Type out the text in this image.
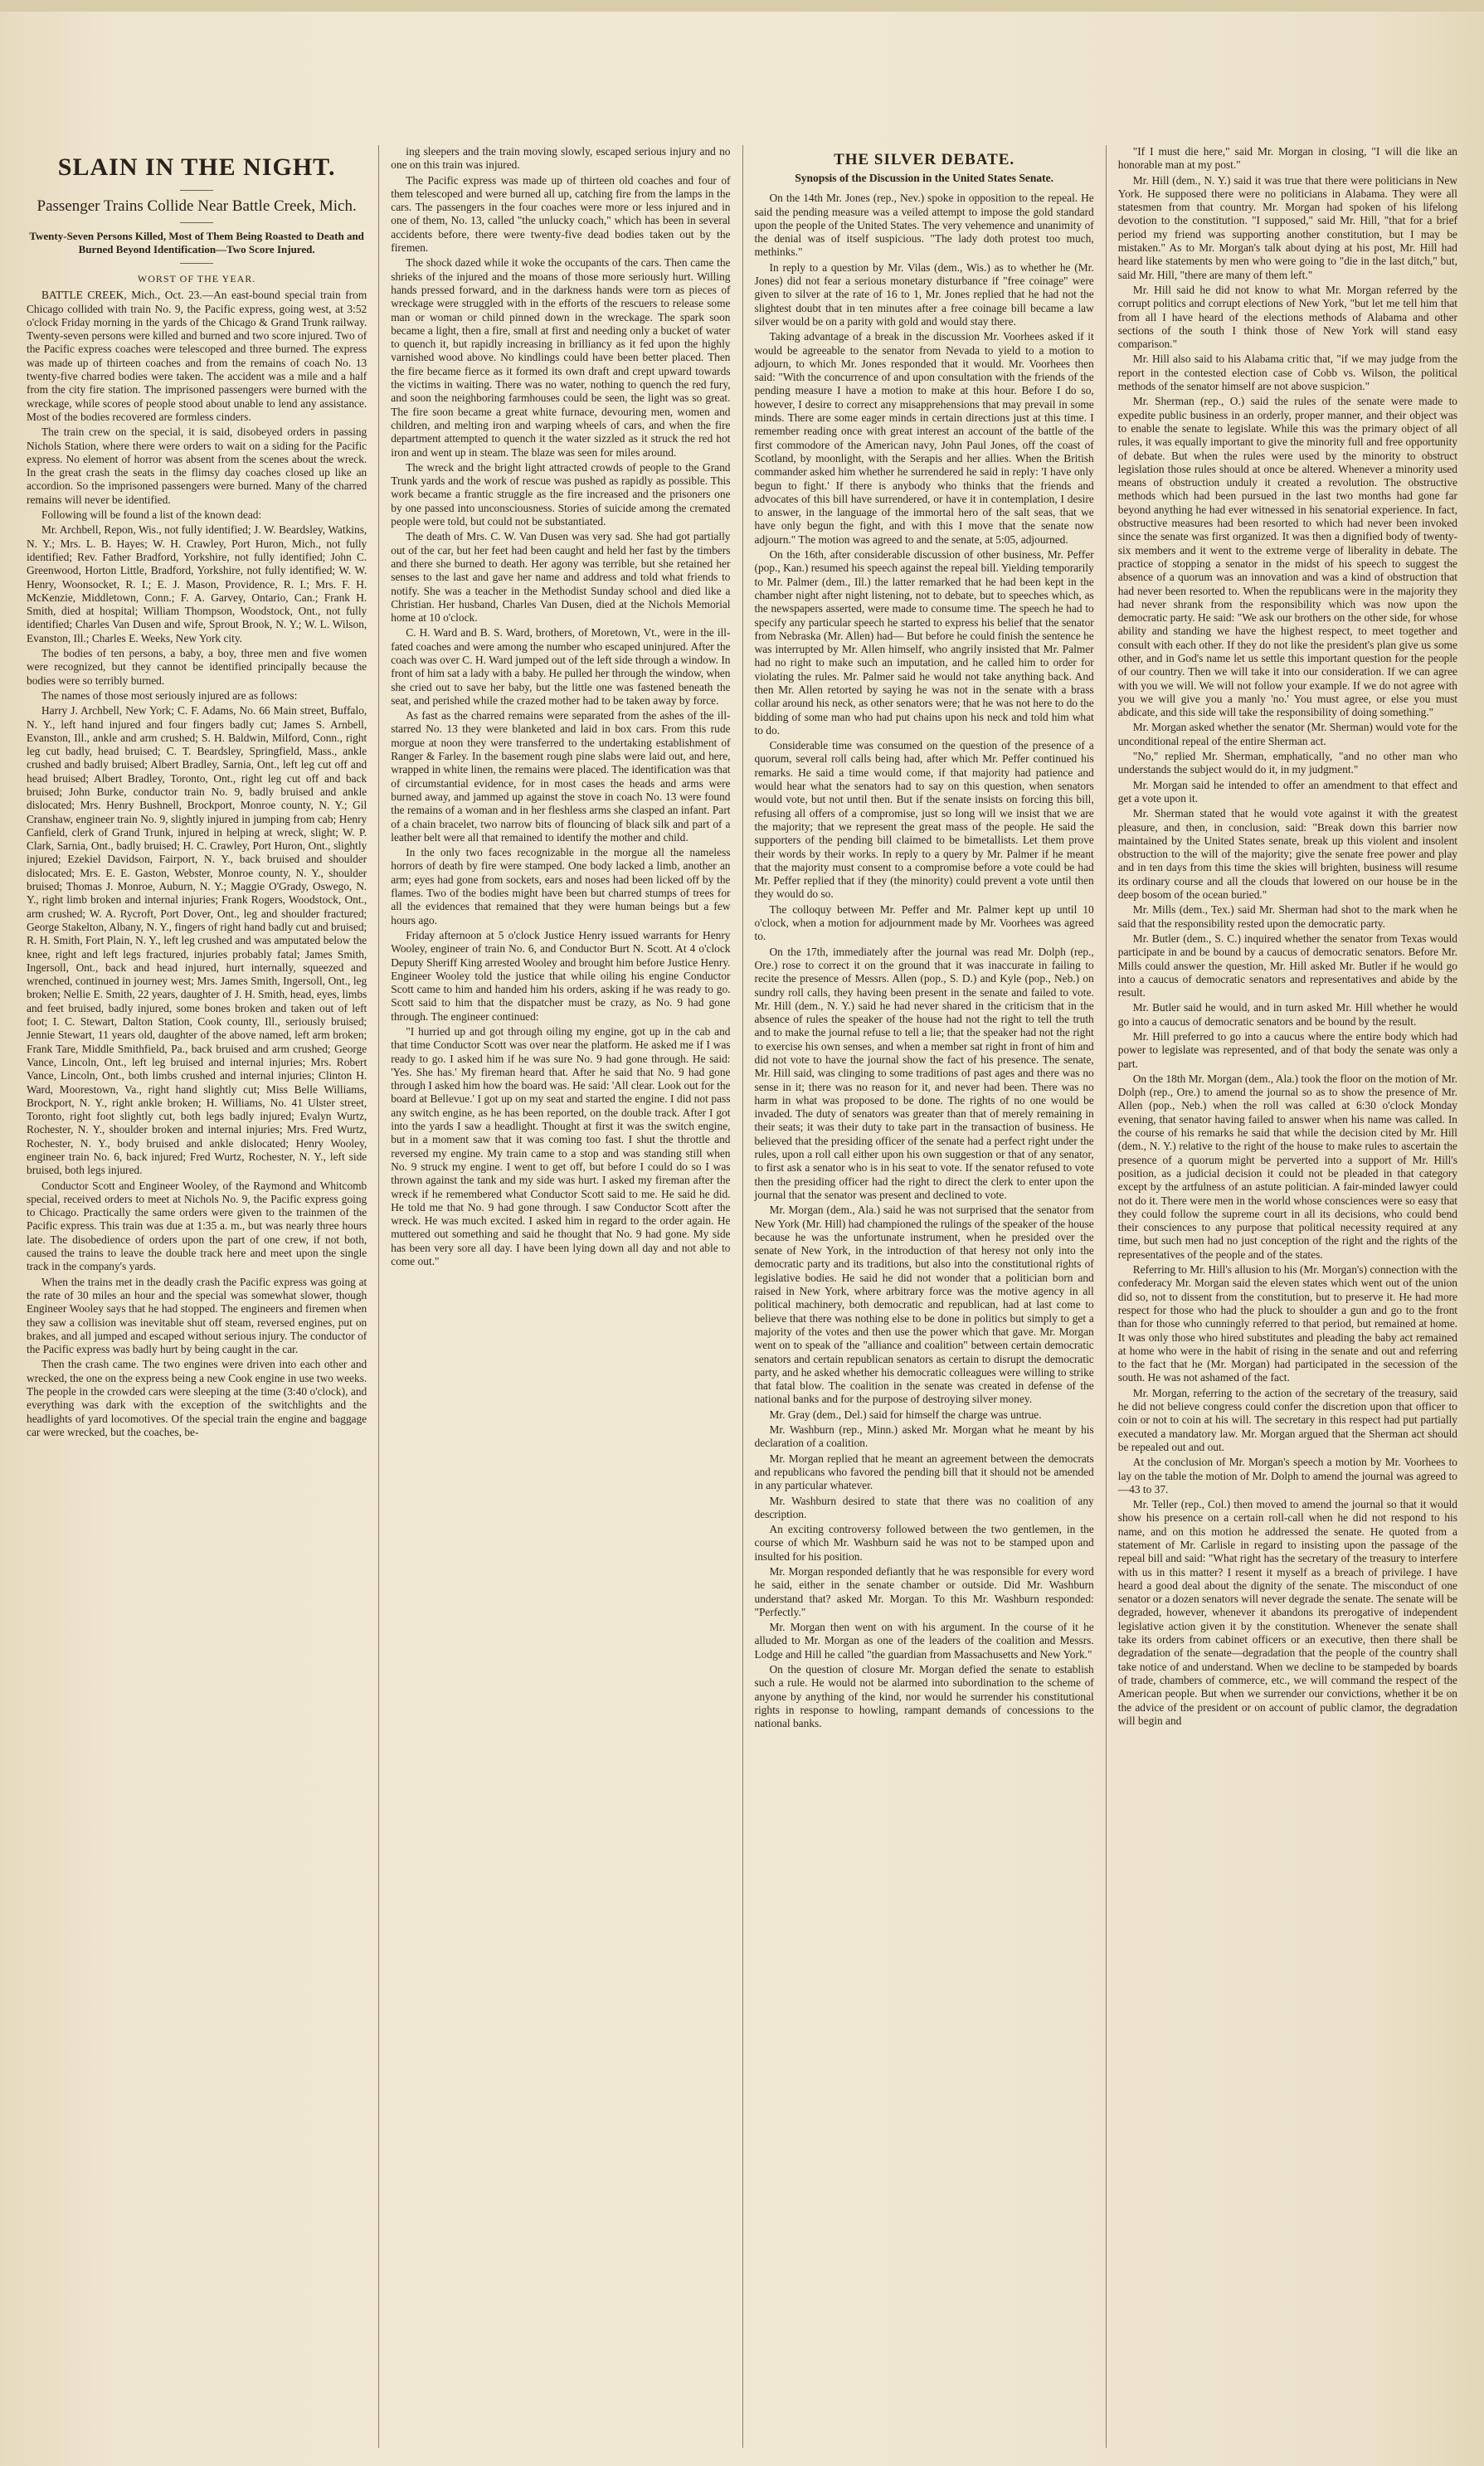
SLAIN IN THE NIGHT.
Passenger Trains Collide Near Battle Creek, Mich.
Twenty-Seven Persons Killed, Most of Them Being Roasted to Death and Burned Beyond Identification—Two Score Injured.
WORST OF THE YEAR.

BATTLE CREEK, Mich., Oct. 23.—An east-bound special train from Chicago collided with train No. 9, the Pacific express, going west, at 3:52 o'clock Friday morning in the yards of the Chicago & Grand Trunk railway. Twenty-seven persons were killed and burned and two score injured. Two of the Pacific express coaches were telescoped and three burned. The express was made up of thirteen coaches and from the remains of coach No. 13 twenty-five charred bodies were taken. The accident was a mile and a half from the city fire station. The imprisoned passengers were burned with the wreckage, while scores of people stood about unable to lend any assistance. Most of the bodies recovered are formless cinders.

The train crew on the special, it is said, disobeyed orders in passing Nichols Station, where there were orders to wait on a siding for the Pacific express. No element of horror was absent from the scenes about the wreck. In the great crash the seats in the flimsy day coaches closed up like an accordion. So the imprisoned passengers were burned. Many of the charred remains will never be identified.

Following will be found a list of the known dead:

Mr. Archbell, Repon, Wis., not fully identified; J. W. Beardsley, Watkins, N. Y.; Mrs. L. B. Hayes; W. H. Crawley, Port Huron, Mich., not fully identified; Rev. Father Bradford, Yorkshire, not fully identified; John C. Greenwood, Horton Little, Bradford, Yorkshire, not fully identified; W. W. Henry, Woonsocket, R. I.; E. J. Mason, Providence, R. I.; Mrs. F. H. McKenzie, Middletown, Conn.; F. A. Garvey, Ontario, Can.; Frank H. Smith, died at hospital; William Thompson, Woodstock, Ont., not fully identified; Charles Van Dusen and wife, Sprout Brook, N. Y.; W. L. Wilson, Evanston, Ill.; Charles E. Weeks, New York city.

The bodies of ten persons, a baby, a boy, three men and five women were recognized, but they cannot be identified principally because the bodies were so terribly burned.

The names of those most seriously injured are as follows:

Harry J. Archbell, New York; C. F. Adams, No. 66 Main street, Buffalo, N. Y., left hand injured and four fingers badly cut; James S. Arnbell, Evanston, Ill., ankle and arm crushed; S. H. Baldwin, Milford, Conn., right leg cut badly, head bruised; C. T. Beardsley, Springfield, Mass., ankle crushed and badly bruised; Albert Bradley, Sarnia, Ont., left leg cut off and head bruised; Albert Bradley, Toronto, Ont., right leg cut off and back bruised; John Burke, conductor train No. 9, badly bruised and ankle dislocated; Mrs. Henry Bushnell, Brockport, Monroe county, N. Y.; Gil Cranshaw, engineer train No. 9, slightly injured in jumping from cab; Henry Canfield, clerk of Grand Trunk, injured in helping at wreck, slight; W. P. Clark, Sarnia, Ont., badly bruised; H. C. Crawley, Port Huron, Ont., slightly injured; Ezekiel Davidson, Fairport, N. Y., back bruised and shoulder dislocated; Mrs. E. E. Gaston, Webster, Monroe county, N. Y., shoulder bruised; Thomas J. Monroe, Auburn, N. Y.; Maggie O'Grady, Oswego, N. Y., right limb broken and internal injuries; Frank Rogers, Woodstock, Ont., arm crushed; W. A. Rycroft, Port Dover, Ont., leg and shoulder fractured; George Stakelton, Albany, N. Y., fingers of right hand badly cut and bruised; R. H. Smith, Fort Plain, N. Y., left leg crushed and was amputated below the knee, right and left legs fractured, injuries probably fatal; James Smith, Ingersoll, Ont., back and head injured, hurt internally, squeezed and wrenched, continued in journey west; Mrs. James Smith, Ingersoll, Ont., leg broken; Nellie E. Smith, 22 years, daughter of J. H. Smith, head, eyes, limbs and feet bruised, badly injured, some bones broken and taken out of left foot; I. C. Stewart, Dalton Station, Cook county, Ill., seriously bruised; Jennie Stewart, 11 years old, daughter of the above named, left arm broken; Frank Tare, Middle Smithfield, Pa., back bruised and arm crushed; George Vance, Lincoln, Ont., left leg bruised and internal injuries; Mrs. Robert Vance, Lincoln, Ont., both limbs crushed and internal injuries; Clinton H. Ward, Moorestown, Va., right hand slightly cut; Miss Belle Williams, Brockport, N. Y., right ankle broken; H. Williams, No. 41 Ulster street, Toronto, right foot slightly cut, both legs badly injured; Evalyn Wurtz, Rochester, N. Y., shoulder broken and internal injuries; Mrs. Fred Wurtz, Rochester, N. Y., body bruised and ankle dislocated; Henry Wooley, engineer train No. 6, back injured; Fred Wurtz, Rochester, N. Y., left side bruised, both legs injured.

Conductor Scott and Engineer Wooley, of the Raymond and Whitcomb special, received orders to meet at Nichols No. 9, the Pacific express going to Chicago. Practically the same orders were given to the trainmen of the Pacific express. This train was due at 1:35 a. m., but was nearly three hours late. The disobedience of orders upon the part of one crew, if not both, caused the trains to leave the double track here and meet upon the single track in the company's yards.

When the trains met in the deadly crash the Pacific express was going at the rate of 30 miles an hour and the special was somewhat slower, though Engineer Wooley says that he had stopped. The engineers and firemen when they saw a collision was inevitable shut off steam, reversed engines, put on brakes, and all jumped and escaped without serious injury. The conductor of the Pacific express was badly hurt by being caught in the car.

Then the crash came. The two engines were driven into each other and wrecked, the one on the express being a new Cook engine in use two weeks. The people in the crowded cars were sleeping at the time (3:40 o'clock), and everything was dark with the exception of the switchlights and the headlights of yard locomotives. Of the special train the engine and baggage car were wrecked, but the coaches, be-

ing sleepers and the train moving slowly, escaped serious injury and no one on this train was injured.

The Pacific express was made up of thirteen old coaches and four of them telescoped and were burned all up, catching fire from the lamps in the cars. The passengers in the four coaches were more or less injured and in one of them, No. 13, called "the unlucky coach," which has been in several accidents before, there were twenty-five dead bodies taken out by the firemen.

The shock dazed while it woke the occupants of the cars. Then came the shrieks of the injured and the moans of those more seriously hurt. Willing hands pressed forward, and in the darkness hands were torn as pieces of wreckage were struggled with in the efforts of the rescuers to release some man or woman or child pinned down in the wreckage. The spark soon became a light, then a fire, small at first and needing only a bucket of water to quench it, but rapidly increasing in brilliancy as it fed upon the highly varnished wood above. No kindlings could have been better placed. Then the fire became fierce as it formed its own draft and crept upward towards the victims in waiting. There was no water, nothing to quench the red fury, and soon the neighboring farmhouses could be seen, the light was so great. The fire soon became a great white furnace, devouring men, women and children, and melting iron and warping wheels of cars, and when the fire department attempted to quench it the water sizzled as it struck the red hot iron and went up in steam. The blaze was seen for miles around.

The wreck and the bright light attracted crowds of people to the Grand Trunk yards and the work of rescue was pushed as rapidly as possible. This work became a frantic struggle as the fire increased and the prisoners one by one passed into unconsciousness. Stories of suicide among the cremated people were told, but could not be substantiated.

The death of Mrs. C. W. Van Dusen was very sad. She had got partially out of the car, but her feet had been caught and held her fast by the timbers and there she burned to death. Her agony was terrible, but she retained her senses to the last and gave her name and address and told what friends to notify. She was a teacher in the Methodist Sunday school and died like a Christian. Her husband, Charles Van Dusen, died at the Nichols Memorial home at 10 o'clock.

C. H. Ward and B. S. Ward, brothers, of Moretown, Vt., were in the ill-fated coaches and were among the number who escaped uninjured. After the coach was over C. H. Ward jumped out of the left side through a window. In front of him sat a lady with a baby. He pulled her through the window, when she cried out to save her baby, but the little one was fastened beneath the seat, and perished while the crazed mother had to be taken away by force.

As fast as the charred remains were separated from the ashes of the ill-starred No. 13 they were blanketed and laid in box cars. From this rude morgue at noon they were transferred to the undertaking establishment of Ranger & Farley. In the basement rough pine slabs were laid out, and here, wrapped in white linen, the remains were placed. The identification was that of circumstantial evidence, for in most cases the heads and arms were burned away, and jammed up against the stove in coach No. 13 were found the remains of a woman and in her fleshless arms she clasped an infant. Part of a chain bracelet, two narrow bits of flouncing of black silk and part of a leather belt were all that remained to identify the mother and child.

In the only two faces recognizable in the morgue all the nameless horrors of death by fire were stamped. One body lacked a limb, another an arm; eyes had gone from sockets, ears and noses had been licked off by the flames. Two of the bodies might have been but charred stumps of trees for all the evidences that remained that they were human beings but a few hours ago.

Friday afternoon at 5 o'clock Justice Henry issued warrants for Henry Wooley, engineer of train No. 6, and Conductor Burt N. Scott. At 4 o'clock Deputy Sheriff King arrested Wooley and brought him before Justice Henry. Engineer Wooley told the justice that while oiling his engine Conductor Scott came to him and handed him his orders, asking if he was ready to go. Scott said to him that the dispatcher must be crazy, as No. 9 had gone through. The engineer continued:

"I hurried up and got through oiling my engine, got up in the cab and that time Conductor Scott was over near the platform. He asked me if I was ready to go. I asked him if he was sure No. 9 had gone through. He said: 'Yes. She has.' My fireman heard that. After he said that No. 9 had gone through I asked him how the board was. He said: 'All clear. Look out for the board at Bellevue.' I got up on my seat and started the engine. I did not pass any switch engine, as he has been reported, on the double track. After I got into the yards I saw a headlight. Thought at first it was the switch engine, but in a moment saw that it was coming too fast. I shut the throttle and reversed my engine. My train came to a stop and was standing still when No. 9 struck my engine. I went to get off, but before I could do so I was thrown against the tank and my side was hurt. I asked my fireman after the wreck if he remembered what Conductor Scott said to me. He said he did. He told me that No. 9 had gone through. I saw Conductor Scott after the wreck. He was much excited. I asked him in regard to the order again. He muttered out something and said he thought that No. 9 had gone. My side has been very sore all day. I have been lying down all day and not able to come out."

THE SILVER DEBATE.
Synopsis of the Discussion in the United States Senate.

On the 14th Mr. Jones (rep., Nev.) spoke in opposition to the repeal. He said the pending measure was a veiled attempt to impose the gold standard upon the people of the United States. The very vehemence and unanimity of the denial was of itself suspicious. "The lady doth protest too much, methinks."

In reply to a question by Mr. Vilas (dem., Wis.) as to whether he (Mr. Jones) did not fear a serious monetary disturbance if "free coinage" were given to silver at the rate of 16 to 1, Mr. Jones replied that he had not the slightest doubt that in ten minutes after a free coinage bill became a law silver would be on a parity with gold and would stay there.

Taking advantage of a break in the discussion Mr. Voorhees asked if it would be agreeable to the senator from Nevada to yield to a motion to adjourn, to which Mr. Jones responded that it would. Mr. Voorhees then said: "With the concurrence of and upon consultation with the friends of the pending measure I have a motion to make at this hour. Before I do so, however, I desire to correct any misapprehensions that may prevail in some minds. There are some eager minds in certain directions just at this time. I remember reading once with great interest an account of the battle of the first commodore of the American navy, John Paul Jones, off the coast of Scotland, by moonlight, with the Serapis and her allies. When the British commander asked him whether he surrendered he said in reply: 'I have only begun to fight.' If there is anybody who thinks that the friends and advocates of this bill have surrendered, or have it in contemplation, I desire to answer, in the language of the immortal hero of the salt seas, that we have only begun the fight, and with this I move that the senate now adjourn." The motion was agreed to and the senate, at 5:05, adjourned.

On the 16th, after considerable discussion of other business, Mr. Peffer (pop., Kan.) resumed his speech against the repeal bill. Yielding temporarily to Mr. Palmer (dem., Ill.) the latter remarked that he had been kept in the chamber night after night listening, not to debate, but to speeches which, as the newspapers asserted, were made to consume time. The speech he had to specify any particular speech he started to express his belief that the senator from Nebraska (Mr. Allen) had— But before he could finish the sentence he was interrupted by Mr. Allen himself, who angrily insisted that Mr. Palmer had no right to make such an imputation, and he called him to order for violating the rules. Mr. Palmer said he would not take anything back. And then Mr. Allen retorted by saying he was not in the senate with a brass collar around his neck, as other senators were; that he was not here to do the bidding of some man who had put chains upon his neck and told him what to do.

Considerable time was consumed on the question of the presence of a quorum, several roll calls being had, after which Mr. Peffer continued his remarks. He said a time would come, if that majority had patience and would hear what the senators had to say on this question, when senators would vote, but not until then. But if the senate insists on forcing this bill, refusing all offers of a compromise, just so long will we insist that we are the majority; that we represent the great mass of the people. He said the supporters of the pending bill claimed to be bimetallists. Let them prove their words by their works. In reply to a query by Mr. Palmer if he meant that the majority must consent to a compromise before a vote could be had Mr. Peffer replied that if they (the minority) could prevent a vote until then they would do so.

The colloquy between Mr. Peffer and Mr. Palmer kept up until 10 o'clock, when a motion for adjournment made by Mr. Voorhees was agreed to.

On the 17th, immediately after the journal was read Mr. Dolph (rep., Ore.) rose to correct it on the ground that it was inaccurate in failing to recite the presence of Messrs. Allen (pop., S. D.) and Kyle (pop., Neb.) on sundry roll calls, they having been present in the senate and failed to vote. Mr. Hill (dem., N. Y.) said he had never shared in the criticism that in the absence of rules the speaker of the house had not the right to tell the truth and to make the journal refuse to tell a lie; that the speaker had not the right to exercise his own senses, and when a member sat right in front of him and did not vote to have the journal show the fact of his presence. The senate, Mr. Hill said, was clinging to some traditions of past ages and there was no sense in it; there was no reason for it, and never had been. There was no harm in what was proposed to be done. The rights of no one would be invaded. The duty of senators was greater than that of merely remaining in their seats; it was their duty to take part in the transaction of business. He believed that the presiding officer of the senate had a perfect right under the rules, upon a roll call either upon his own suggestion or that of any senator, to first ask a senator who is in his seat to vote. If the senator refused to vote then the presiding officer had the right to direct the clerk to enter upon the journal that the senator was present and declined to vote.

Mr. Morgan (dem., Ala.) said he was not surprised that the senator from New York (Mr. Hill) had championed the rulings of the speaker of the house because he was the unfortunate instrument, when he presided over the senate of New York, in the introduction of that heresy not only into the democratic party and its traditions, but also into the constitutional rights of legislative bodies. He said he did not wonder that a politician born and raised in New York, where arbitrary force was the motive agency in all political machinery, both democratic and republican, had at last come to believe that there was nothing else to be done in politics but simply to get a majority of the votes and then use the power which that gave. Mr. Morgan went on to speak of the "alliance and coalition" between certain democratic senators and certain republican senators as certain to disrupt the democratic party, and he asked whether his democratic colleagues were willing to strike that fatal blow. The coalition in the senate was created in defense of the national banks and for the purpose of destroying silver money.

Mr. Gray (dem., Del.) said for himself the charge was untrue.

Mr. Washburn (rep., Minn.) asked Mr. Morgan what he meant by his declaration of a coalition.

Mr. Morgan replied that he meant an agreement between the democrats and republicans who favored the pending bill that it should not be amended in any particular whatever.

Mr. Washburn desired to state that there was no coalition of any description.

An exciting controversy followed between the two gentlemen, in the course of which Mr. Washburn said he was not to be stamped upon and insulted for his position.

Mr. Morgan responded defiantly that he was responsible for every word he said, either in the senate chamber or outside. Did Mr. Washburn understand that? asked Mr. Morgan. To this Mr. Washburn responded: "Perfectly."

Mr. Morgan then went on with his argument. In the course of it he alluded to Mr. Morgan as one of the leaders of the coalition and Messrs. Lodge and Hill he called "the guardian from Massachusetts and New York."

On the question of closure Mr. Morgan defied the senate to establish such a rule. He would not be alarmed into subordination to the scheme of anyone by anything of the kind, nor would he surrender his constitutional rights in response to howling, rampant demands of concessions to the national banks.

"If I must die here," said Mr. Morgan in closing, "I will die like an honorable man at my post."

Mr. Hill (dem., N. Y.) said it was true that there were politicians in New York. He supposed there were no politicians in Alabama. They were all statesmen from that country. Mr. Morgan had spoken of his lifelong devotion to the constitution. "I supposed," said Mr. Hill, "that for a brief period my friend was supporting another constitution, but I may be mistaken." As to Mr. Morgan's talk about dying at his post, Mr. Hill had heard like statements by men who were going to "die in the last ditch," but, said Mr. Hill, "there are many of them left."

Mr. Hill said he did not know to what Mr. Morgan referred by the corrupt politics and corrupt elections of New York, "but let me tell him that from all I have heard of the elections methods of Alabama and other sections of the south I think those of New York will stand easy comparison."

Mr. Hill also said to his Alabama critic that, "if we may judge from the report in the contested election case of Cobb vs. Wilson, the political methods of the senator himself are not above suspicion."

Mr. Sherman (rep., O.) said the rules of the senate were made to expedite public business in an orderly, proper manner, and their object was to enable the senate to legislate. While this was the primary object of all rules, it was equally important to give the minority full and free opportunity of debate. But when the rules were used by the minority to obstruct legislation those rules should at once be altered. Whenever a minority used means of obstruction unduly it created a revolution. The obstructive methods which had been pursued in the last two months had gone far beyond anything he had ever witnessed in his senatorial experience. In fact, obstructive measures had been resorted to which had never been invoked since the senate was first organized. It was then a dignified body of twenty-six members and it went to the extreme verge of liberality in debate. The practice of stopping a senator in the midst of his speech to suggest the absence of a quorum was an innovation and was a kind of obstruction that had never been resorted to. When the republicans were in the majority they had never shrank from the responsibility which was now upon the democratic party. He said: "We ask our brothers on the other side, for whose ability and standing we have the highest respect, to meet together and consult with each other. If they do not like the president's plan give us some other, and in God's name let us settle this important question for the people of our country. Then we will take it into our consideration. If we can agree with you we will. We will not follow your example. If we do not agree with you we will give you a manly 'no.' You must agree, or else you must abdicate, and this side will take the responsibility of doing something."

Mr. Morgan asked whether the senator (Mr. Sherman) would vote for the unconditional repeal of the entire Sherman act.

"No," replied Mr. Sherman, emphatically, "and no other man who understands the subject would do it, in my judgment."

Mr. Morgan said he intended to offer an amendment to that effect and get a vote upon it.

Mr. Sherman stated that he would vote against it with the greatest pleasure, and then, in conclusion, said: "Break down this barrier now maintained by the United States senate, break up this violent and insolent obstruction to the will of the majority; give the senate free power and play and in ten days from this time the skies will brighten, business will resume its ordinary course and all the clouds that lowered on our house be in the deep bosom of the ocean buried."

Mr. Mills (dem., Tex.) said Mr. Sherman had shot to the mark when he said that the responsibility rested upon the democratic party.

Mr. Butler (dem., S. C.) inquired whether the senator from Texas would participate in and be bound by a caucus of democratic senators. Before Mr. Mills could answer the question, Mr. Hill asked Mr. Butler if he would go into a caucus of democratic senators and representatives and abide by the result.

Mr. Butler said he would, and in turn asked Mr. Hill whether he would go into a caucus of democratic senators and be bound by the result.

Mr. Hill preferred to go into a caucus where the entire body which had power to legislate was represented, and of that body the senate was only a part.

On the 18th Mr. Morgan (dem., Ala.) took the floor on the motion of Mr. Dolph (rep., Ore.) to amend the journal so as to show the presence of Mr. Allen (pop., Neb.) when the roll was called at 6:30 o'clock Monday evening, that senator having failed to answer when his name was called. In the course of his remarks he said that while the decision cited by Mr. Hill (dem., N. Y.) relative to the right of the house to make rules to ascertain the presence of a quorum might be perverted into a support of Mr. Hill's position, as a judicial decision it could not be pleaded in that category except by the artfulness of an astute politician. A fair-minded lawyer could not do it. There were men in the world whose consciences were so easy that they could follow the supreme court in all its decisions, who could bend their consciences to any purpose that political necessity required at any time, but such men had no just conception of the right and the rights of the representatives of the people and of the states.

Referring to Mr. Hill's allusion to his (Mr. Morgan's) connection with the confederacy Mr. Morgan said the eleven states which went out of the union did so, not to dissent from the constitution, but to preserve it. He had more respect for those who had the pluck to shoulder a gun and go to the front than for those who cunningly referred to that period, but remained at home. It was only those who hired substitutes and pleading the baby act remained at home who were in the habit of rising in the senate and out and referring to the fact that he (Mr. Morgan) had participated in the secession of the south. He was not ashamed of the fact.

Mr. Morgan, referring to the action of the secretary of the treasury, said he did not believe congress could confer the discretion upon that officer to coin or not to coin at his will. The secretary in this respect had put partially executed a mandatory law. Mr. Morgan argued that the Sherman act should be repealed out and out.

At the conclusion of Mr. Morgan's speech a motion by Mr. Voorhees to lay on the table the motion of Mr. Dolph to amend the journal was agreed to—43 to 37.

Mr. Teller (rep., Col.) then moved to amend the journal so that it would show his presence on a certain roll-call when he did not respond to his name, and on this motion he addressed the senate. He quoted from a statement of Mr. Carlisle in regard to insisting upon the passage of the repeal bill and said: "What right has the secretary of the treasury to interfere with us in this matter? I resent it myself as a breach of privilege. I have heard a good deal about the dignity of the senate. The misconduct of one senator or a dozen senators will never degrade the senate. The senate will be degraded, however, whenever it abandons its prerogative of independent legislative action given it by the constitution. Whenever the senate shall take its orders from cabinet officers or an executive, then there shall be degradation of the senate—degradation that the people of the country shall take notice of and understand. When we decline to be stampeded by boards of trade, chambers of commerce, etc., we will command the respect of the American people. But when we surrender our convictions, whether it be on the advice of the president or on account of public clamor, the degradation will begin and
